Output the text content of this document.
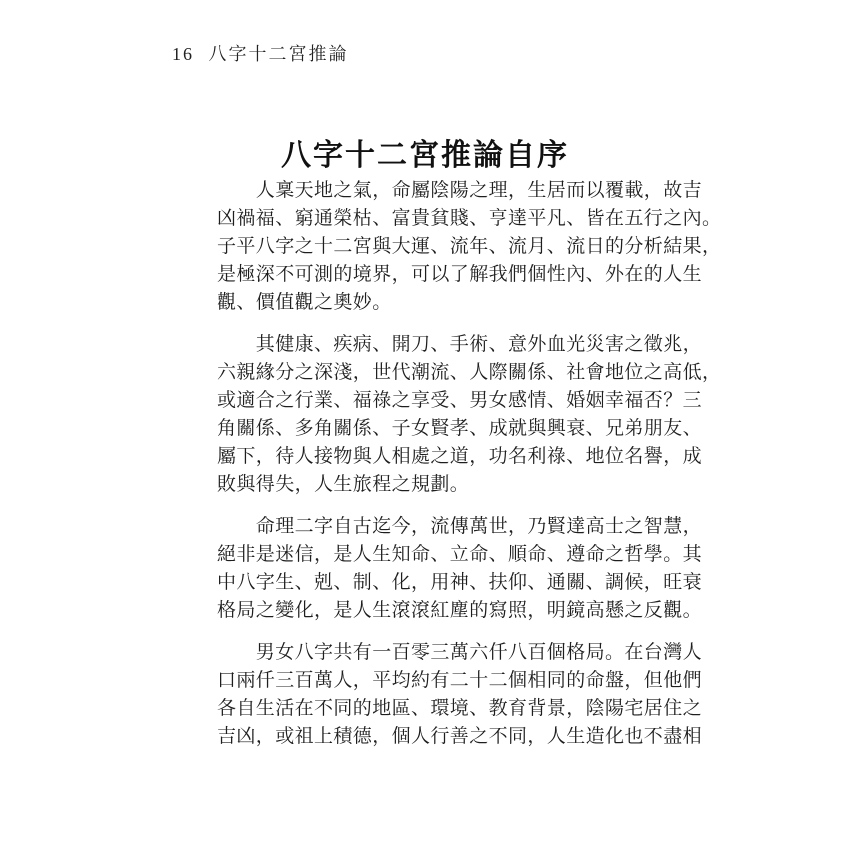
16 八字十二宮推論
八字十二宮推論自序
　　人稟天地之氣，命屬陰陽之理，生居而以覆載，故吉
凶禍福、窮通榮枯、富貴貧賤、亨達平凡、皆在五行之內。
子平八字之十二宮與大運、流年、流月、流日的分析結果，
是極深不可測的境界，可以了解我們個性內、外在的人生
觀、價值觀之奧妙。
　　其健康、疾病、開刀、手術、意外血光災害之徵兆，
六親緣分之深淺，世代潮流、人際關係、社會地位之高低，
或適合之行業、福祿之享受、男女感情、婚姻幸福否？三
角關係、多角關係、子女賢孝、成就與興衰、兄弟朋友、
屬下，待人接物與人相處之道，功名利祿、地位名譽，成
敗與得失，人生旅程之規劃。
　　命理二字自古迄今，流傳萬世，乃賢達高士之智慧，
絕非是迷信，是人生知命、立命、順命、遵命之哲學。其
中八字生、剋、制、化，用神、扶仰、通關、調候，旺衰
格局之變化，是人生滾滾紅塵的寫照，明鏡高懸之反觀。
　　男女八字共有一百零三萬六仟八百個格局。在台灣人
口兩仟三百萬人，平均約有二十二個相同的命盤，但他們
各自生活在不同的地區、環境、教育背景，陰陽宅居住之
吉凶，或祖上積德，個人行善之不同，人生造化也不盡相
